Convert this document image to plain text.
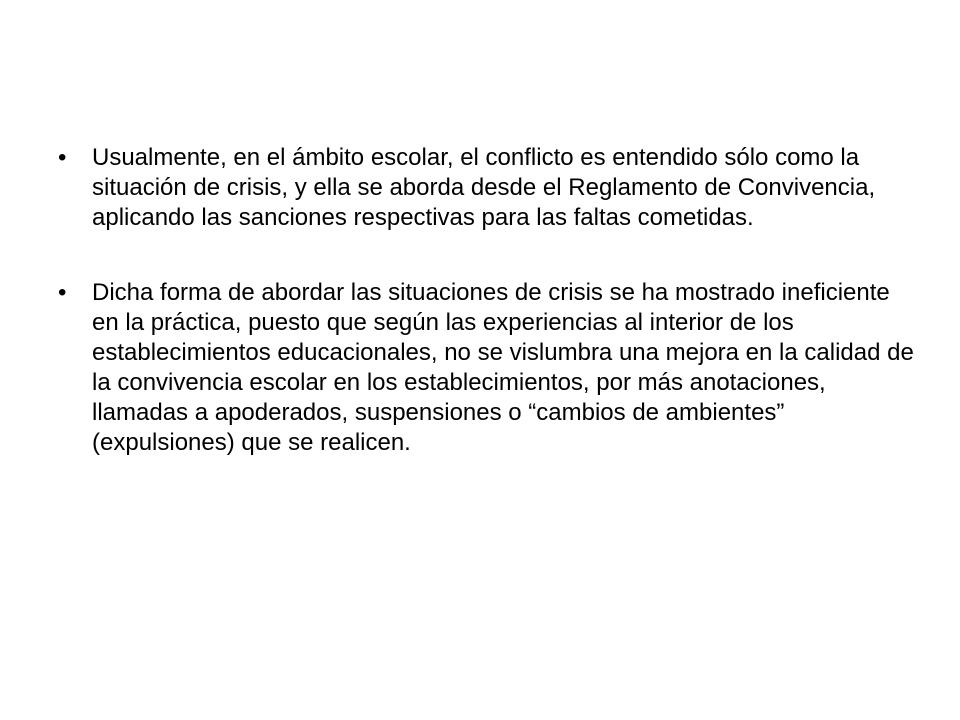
•	Usualmente, en el ámbito escolar, el conflicto es entendido sólo como la situación de crisis, y ella se aborda desde el Reglamento de Convivencia, aplicando las sanciones respectivas para las faltas cometidas.
•	Dicha forma de abordar las situaciones de crisis se ha mostrado ineficiente en la práctica, puesto que según las experiencias al interior de los establecimientos educacionales, no se vislumbra una mejora en la calidad de la convivencia escolar en los establecimientos, por más anotaciones, llamadas a apoderados, suspensiones o “cambios de ambientes” (expulsiones) que se realicen.
